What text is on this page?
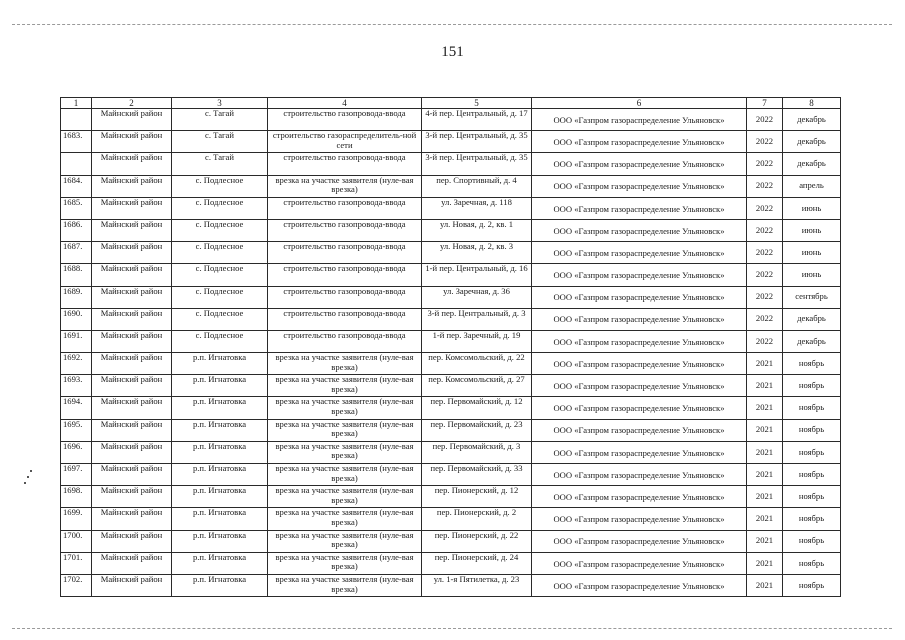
151
1	2	3	4	5	6	7	8
	Майнский район	с. Тагай	строительство газопровода-ввода	4-й пер. Центральный, д. 17	ООО «Газпром газораспределение Ульяновск»	2022	декабрь
1683.	Майнский район	с. Тагай	строительство газораспределитель-ной сети	3-й пер. Центральный, д. 35	ООО «Газпром газораспределение Ульяновск»	2022	декабрь
	Майнский район	с. Тагай	строительство газопровода-ввода	3-й пер. Центральный, д. 35	ООО «Газпром газораспределение Ульяновск»	2022	декабрь
1684.	Майнский район	с. Подлесное	врезка на участке заявителя (нуле-вая врезка)	пер. Спортивный, д. 4	ООО «Газпром газораспределение Ульяновск»	2022	апрель
1685.	Майнский район	с. Подлесное	строительство газопровода-ввода	ул. Заречная, д. 118	ООО «Газпром газораспределение Ульяновск»	2022	июнь
1686.	Майнский район	с. Подлесное	строительство газопровода-ввода	ул. Новая, д. 2, кв. 1	ООО «Газпром газораспределение Ульяновск»	2022	июнь
1687.	Майнский район	с. Подлесное	строительство газопровода-ввода	ул. Новая, д. 2, кв. 3	ООО «Газпром газораспределение Ульяновск»	2022	июнь
1688.	Майнский район	с. Подлесное	строительство газопровода-ввода	1-й пер. Центральный, д. 16	ООО «Газпром газораспределение Ульяновск»	2022	июнь
1689.	Майнский район	с. Подлесное	строительство газопровода-ввода	ул. Заречная, д. 36	ООО «Газпром газораспределение Ульяновск»	2022	сентябрь
1690.	Майнский район	с. Подлесное	строительство газопровода-ввода	3-й пер. Центральный, д. 3	ООО «Газпром газораспределение Ульяновск»	2022	декабрь
1691.	Майнский район	с. Подлесное	строительство газопровода-ввода	1-й пер. Заречный, д. 19	ООО «Газпром газораспределение Ульяновск»	2022	декабрь
1692.	Майнский район	р.п. Игнатовка	врезка на участке заявителя (нуле-вая врезка)	пер. Комсомольский, д. 22	ООО «Газпром газораспределение Ульяновск»	2021	ноябрь
1693.	Майнский район	р.п. Игнатовка	врезка на участке заявителя (нуле-вая врезка)	пер. Комсомольский, д. 27	ООО «Газпром газораспределение Ульяновск»	2021	ноябрь
1694.	Майнский район	р.п. Игнатовка	врезка на участке заявителя (нуле-вая врезка)	пер. Первомайский, д. 12	ООО «Газпром газораспределение Ульяновск»	2021	ноябрь
1695.	Майнский район	р.п. Игнатовка	врезка на участке заявителя (нуле-вая врезка)	пер. Первомайский, д. 23	ООО «Газпром газораспределение Ульяновск»	2021	ноябрь
1696.	Майнский район	р.п. Игнатовка	врезка на участке заявителя (нуле-вая врезка)	пер. Первомайский, д. 3	ООО «Газпром газораспределение Ульяновск»	2021	ноябрь
1697.	Майнский район	р.п. Игнатовка	врезка на участке заявителя (нуле-вая врезка)	пер. Первомайский, д. 33	ООО «Газпром газораспределение Ульяновск»	2021	ноябрь
1698.	Майнский район	р.п. Игнатовка	врезка на участке заявителя (нуле-вая врезка)	пер. Пионерский, д. 12	ООО «Газпром газораспределение Ульяновск»	2021	ноябрь
1699.	Майнский район	р.п. Игнатовка	врезка на участке заявителя (нуле-вая врезка)	пер. Пионерский, д. 2	ООО «Газпром газораспределение Ульяновск»	2021	ноябрь
1700.	Майнский район	р.п. Игнатовка	врезка на участке заявителя (нуле-вая врезка)	пер. Пионерский, д. 22	ООО «Газпром газораспределение Ульяновск»	2021	ноябрь
1701.	Майнский район	р.п. Игнатовка	врезка на участке заявителя (нуле-вая врезка)	пер. Пионерский, д. 24	ООО «Газпром газораспределение Ульяновск»	2021	ноябрь
1702.	Майнский район	р.п. Игнатовка	врезка на участке заявителя (нуле-вая врезка)	ул. 1-я Пятилетка, д. 23	ООО «Газпром газораспределение Ульяновск»	2021	ноябрь
